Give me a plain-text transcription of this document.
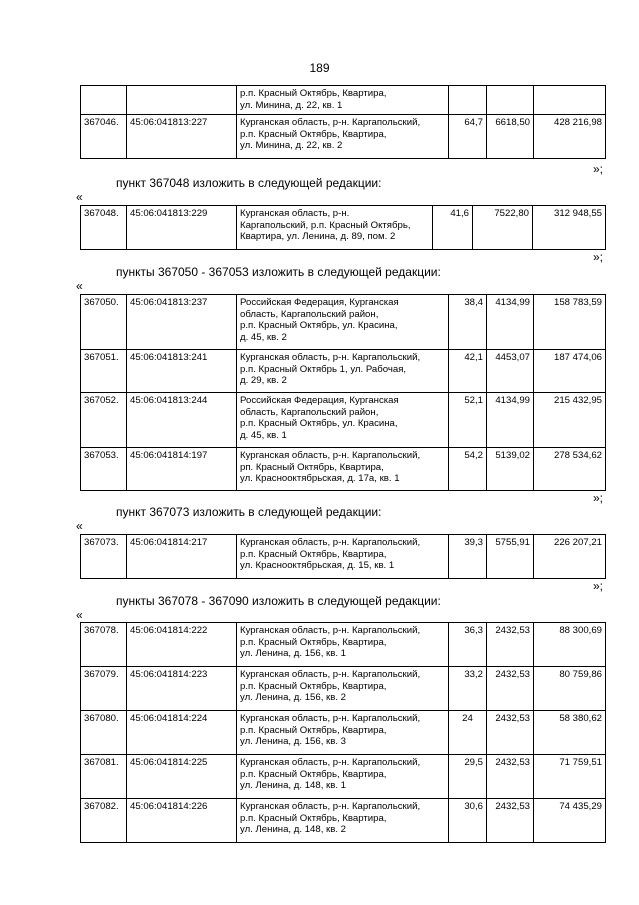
189

		р.п. Красный Октябрь, Квартира,
ул. Минина, д. 22, кв. 1			

367046.	45:06:041813:227	Курганская область, р-н. Каргапольский,
р.п. Красный Октябрь, Квартира,
ул. Минина, д. 22, кв. 2	64,7	6618,50	428 216,98
»;
пункт 367048 изложить в следующей редакции:
«
367048.	45:06:041813:229	Курганская область, р-н.
Каргапольский, р.п. Красный Октябрь,
Квартира, ул. Ленина, д. 89, пом. 2
	41,6	7522,80	312 948,55
»;
пункты 367050 - 367053 изложить в следующей редакции:
«
367050.	45:06:041813:237	Российская Федерация, Курганская
область, Каргапольский район,
р.п. Красный Октябрь, ул. Красина,
д. 45, кв. 2	38,4	4134,99	158 783,59
367051.	45:06:041813:241	Курганская область, р-н. Каргапольский,
р.п. Красный Октябрь 1, ул. Рабочая,
д. 29, кв. 2	42,1	4453,07	187 474,06
367052.	45:06:041813:244	Российская Федерация, Курганская
область, Каргапольский район,
р.п. Красный Октябрь, ул. Красина,
д. 45, кв. 1	52,1	4134,99	215 432,95
367053.	45:06:041814:197	Курганская область, р-н. Каргапольский,
рп. Красный Октябрь, Квартира,
ул. Краснооктябрьская, д. 17а, кв. 1	54,2	5139,02	278 534,62
»;
пункт 367073 изложить в следующей редакции:
«
367073.	45:06:041814:217	Курганская область, р-н. Каргапольский,
р.п. Красный Октябрь, Квартира,
ул. Краснооктябрьская, д. 15, кв. 1
	39,3	5755,91	226 207,21
»;
пункты 367078 - 367090 изложить в следующей редакции:
«
367078.	45:06:041814:222	Курганская область, р-н. Каргапольский,
р.п. Красный Октябрь, Квартира,
ул. Ленина, д. 156, кв. 1	36,3	2432,53	88 300,69
367079.	45:06:041814:223	Курганская область, р-н. Каргапольский,
р.п. Красный Октябрь, Квартира,
ул. Ленина, д. 156, кв. 2	33,2	2432,53	80 759,86
367080.	45:06:041814:224	Курганская область, р-н. Каргапольский,
р.п. Красный Октябрь, Квартира,
ул. Ленина, д. 156, кв. 3	24	2432,53	58 380,62
367081.	45:06:041814:225	Курганская область, р-н. Каргапольский,
р.п. Красный Октябрь, Квартира,
ул. Ленина, д. 148, кв. 1	29,5	2432,53	71 759,51
367082.	45:06:041814:226	Курганская область, р-н. Каргапольский,
р.п. Красный Октябрь, Квартира,
ул. Ленина, д. 148, кв. 2	30,6	2432,53	74 435,29
